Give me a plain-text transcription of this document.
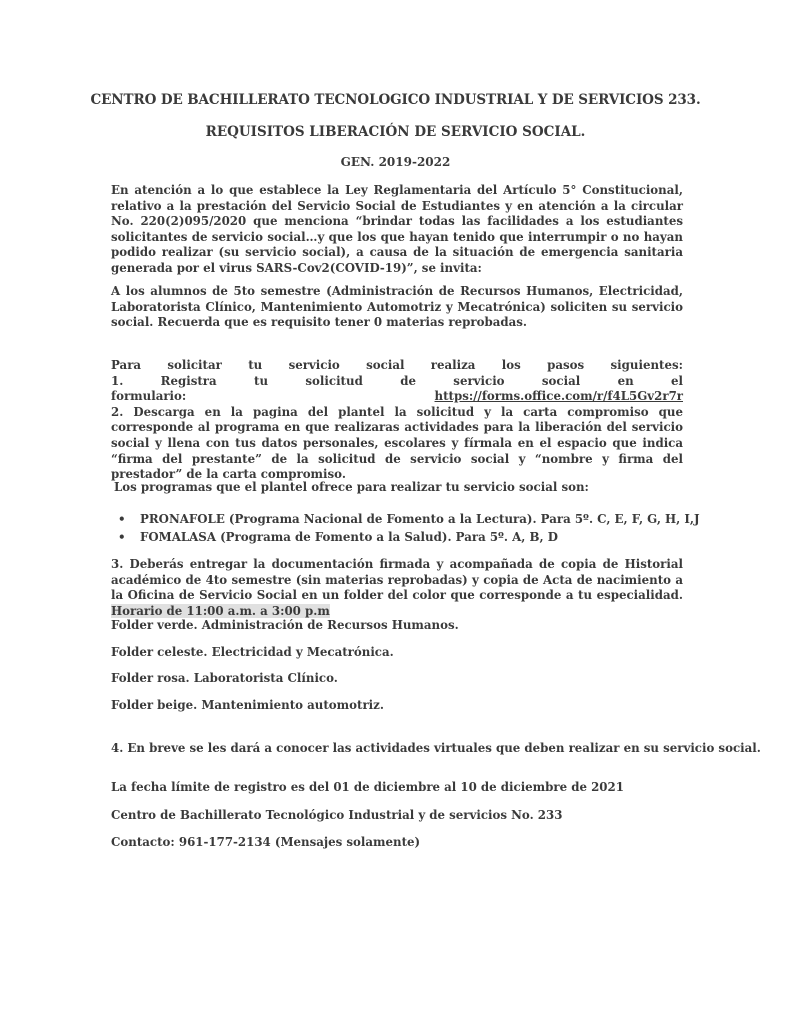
CENTRO DE BACHILLERATO TECNOLOGICO INDUSTRIAL Y DE SERVICIOS 233.
REQUISITOS LIBERACIÓN DE SERVICIO SOCIAL.
GEN. 2019-2022
En atención a lo que establece la Ley Reglamentaria del Artículo 5° Constitucional, relativo a la prestación del Servicio Social de Estudiantes y en atención a la circular No. 220(2)095/2020 que menciona “brindar todas las facilidades a los estudiantes solicitantes de servicio social…y que los que hayan tenido que interrumpir o no hayan podido realizar (su servicio social), a causa de la situación de emergencia sanitaria generada por el virus SARS-Cov2(COVID-19)”, se invita:
A los alumnos de 5to semestre (Administración de Recursos Humanos, Electricidad, Laboratorista Clínico, Mantenimiento Automotriz y Mecatrónica) soliciten su servicio social. Recuerda que es requisito tener 0 materias reprobadas.
Para solicitar tu servicio social realiza los pasos siguientes:
1. Registra tu solicitud de servicio social en el
formulario:	https://forms.office.com/r/f4L5Gv2r7r
2. Descarga en la pagina del plantel la solicitud y la carta compromiso que corresponde al programa en que realizaras actividades para la liberación del servicio social y llena con tus datos personales, escolares y fírmala en el espacio que indica “firma del prestante” de la solicitud de servicio social y “nombre y firma del prestador” de la carta compromiso.
Los programas que el plantel ofrece para realizar tu servicio social son:
• PRONAFOLE (Programa Nacional de Fomento a la Lectura). Para 5º. C, E, F, G, H, I,J
• FOMALASA (Programa de Fomento a la Salud). Para 5º. A, B, D
3. Deberás entregar la documentación firmada y acompañada de copia de Historial académico de 4to semestre (sin materias reprobadas) y copia de Acta de nacimiento a la Oficina de Servicio Social en un folder del color que corresponde a tu especialidad. Horario de 11:00 a.m. a 3:00 p.m
Folder verde. Administración de Recursos Humanos.
Folder celeste. Electricidad y Mecatrónica.
Folder rosa. Laboratorista Clínico.
Folder beige. Mantenimiento automotriz.
4. En breve se les dará a conocer las actividades virtuales que deben realizar en su servicio social.
La fecha límite de registro es del 01 de diciembre al 10 de diciembre de 2021
Centro de Bachillerato Tecnológico Industrial y de servicios No. 233
Contacto: 961-177-2134 (Mensajes solamente)
